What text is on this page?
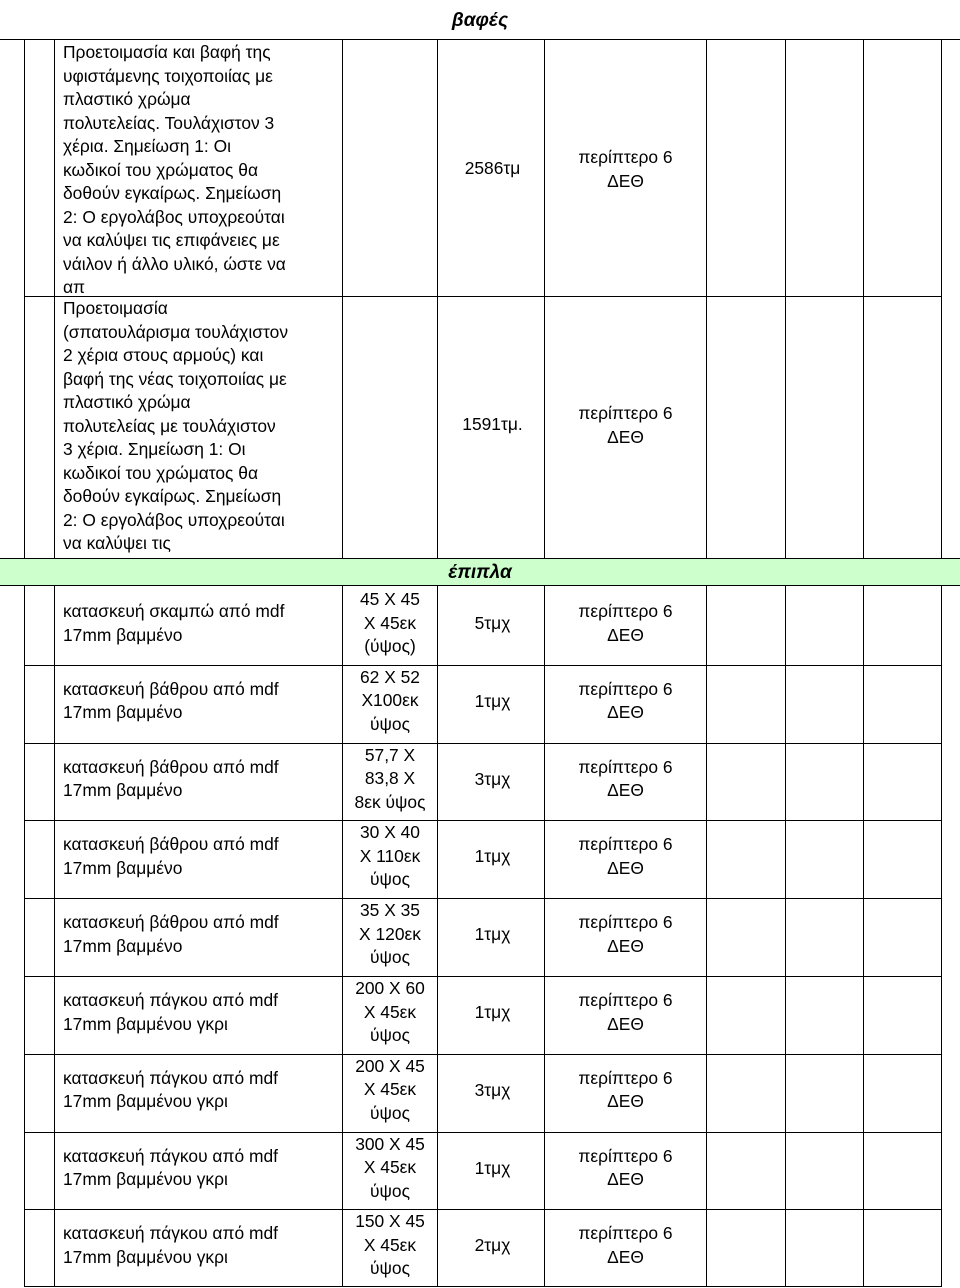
βαφές
Προετοιμασία και βαφή της
υφιστάμενης τοιχοποιίας με
πλαστικό χρώμα
πολυτελείας. Τουλάχιστον 3
χέρια. Σημείωση 1: Οι
κωδικοί του χρώματος θα
δοθούν εγκαίρως. Σημείωση
2: Ο εργολάβος υποχρεούται
να καλύψει τις επιφάνειες με
νάιλον ή άλλο υλικό, ώστε να
απ
2586τμ
περίπτερο 6
ΔΕΘ
Προετοιμασία
(σπατουλάρισμα τουλάχιστον
2 χέρια στους αρμούς) και
βαφή της νέας τοιχοποιίας με
πλαστικό χρώμα
πολυτελείας με τουλάχιστον
3 χέρια. Σημείωση 1: Οι
κωδικοί του χρώματος θα
δοθούν εγκαίρως. Σημείωση
2: Ο εργολάβος υποχρεούται
να καλύψει τις
1591τμ.
περίπτερο 6
ΔΕΘ
έπιπλα
κατασκευή σκαμπώ από mdf
17mm βαμμένο
45 Χ 45
Χ 45εκ
(ύψος)
5τμχ
περίπτερο 6
ΔΕΘ
κατασκευή βάθρου από mdf
17mm βαμμένο
62 Χ 52
Χ100εκ
ύψος
1τμχ
περίπτερο 6
ΔΕΘ
κατασκευή βάθρου από mdf
17mm βαμμένο
57,7 Χ
83,8 Χ
8εκ ύψος
3τμχ
περίπτερο 6
ΔΕΘ
κατασκευή βάθρου από mdf
17mm βαμμένο
30 Χ 40
Χ 110εκ
ύψος
1τμχ
περίπτερο 6
ΔΕΘ
κατασκευή βάθρου από mdf
17mm βαμμένο
35 Χ 35
Χ 120εκ
ύψος
1τμχ
περίπτερο 6
ΔΕΘ
κατασκευή πάγκου από mdf
17mm βαμμένου γκρι
200 Χ 60
Χ 45εκ
ύψος
1τμχ
περίπτερο 6
ΔΕΘ
κατασκευή πάγκου από mdf
17mm βαμμένου γκρι
200 Χ 45
Χ 45εκ
ύψος
3τμχ
περίπτερο 6
ΔΕΘ
κατασκευή πάγκου από mdf
17mm βαμμένου γκρι
300 Χ 45
Χ 45εκ
ύψος
1τμχ
περίπτερο 6
ΔΕΘ
κατασκευή πάγκου από mdf
17mm βαμμένου γκρι
150 Χ 45
Χ 45εκ
ύψος
2τμχ
περίπτερο 6
ΔΕΘ
